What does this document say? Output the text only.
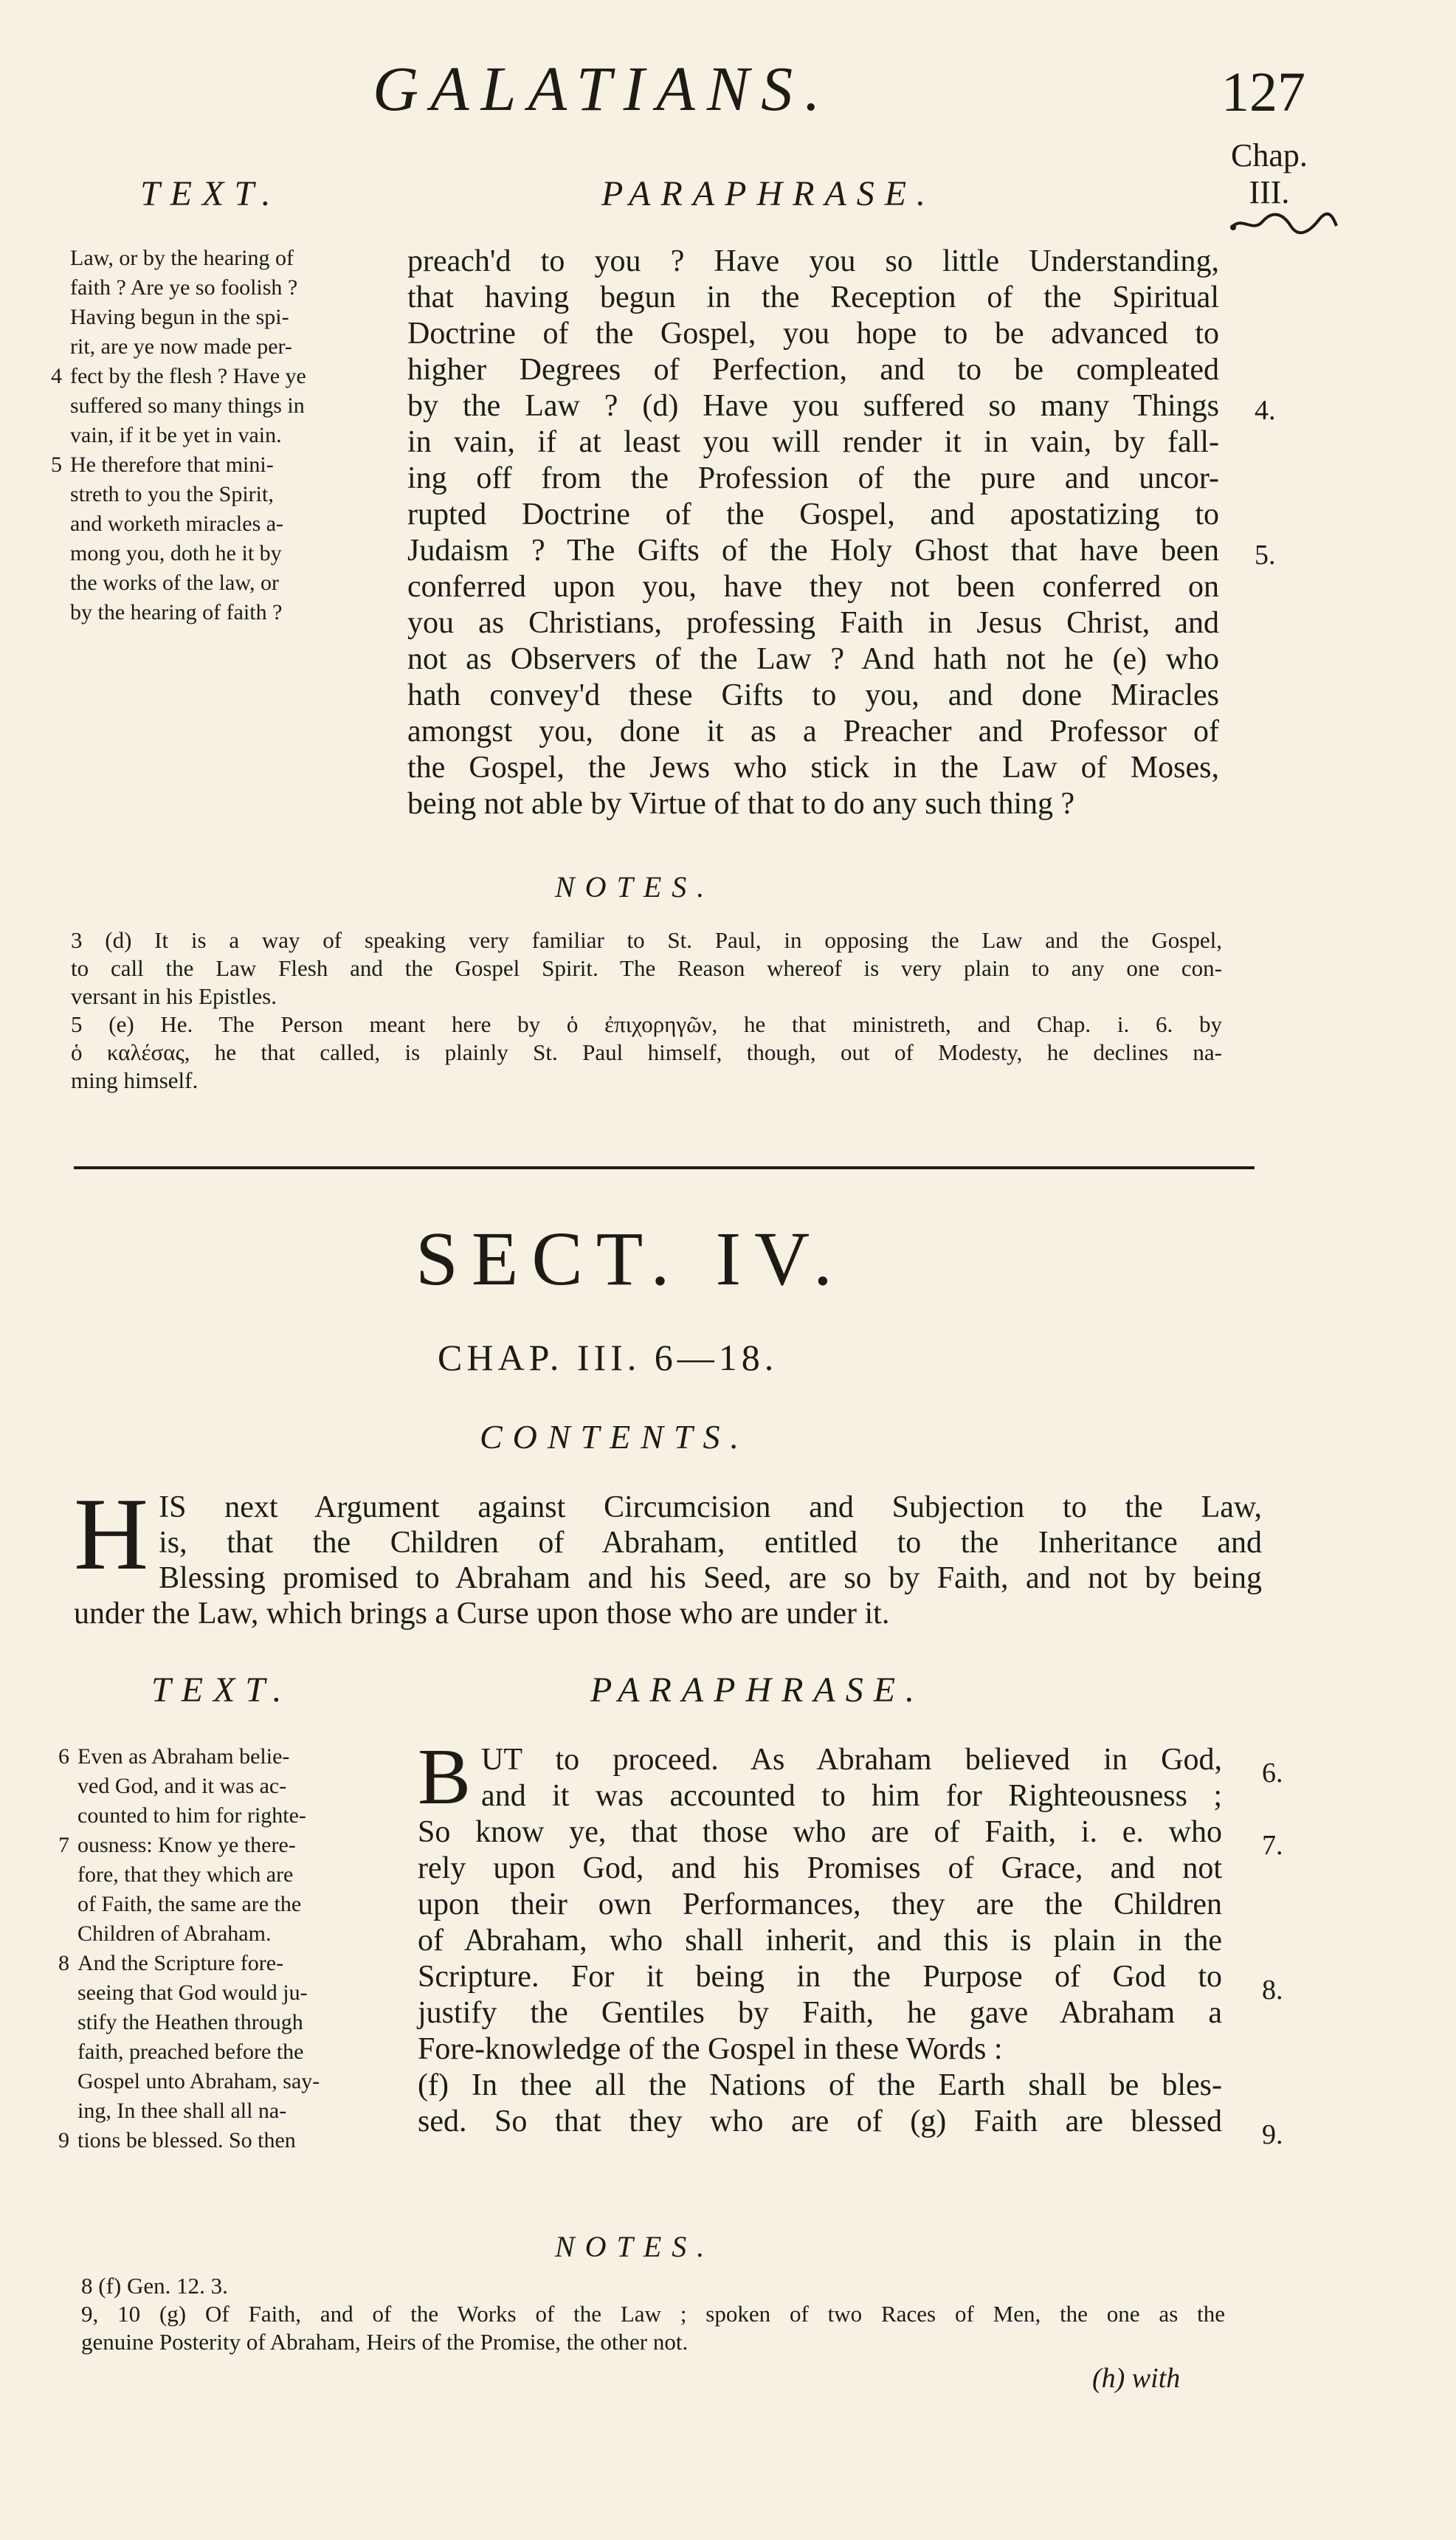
GALATIANS.	127
Chap.
III.
TEXT.	PARAPHRASE.
Law, or by the hearing of
faith ? Are ye so foolish ?
Having begun in the spi-
rit, are ye now made per-
4 fect by the flesh ? Have ye
suffered so many things in
vain, if it be yet in vain.
5 He therefore that mini-
streth to you the Spirit,
and worketh miracles a-
mong you, doth he it by
the works of the law, or
by the hearing of faith ?
preach'd to you ? Have you so little Understanding,
that having begun in the Reception of the Spiritual
Doctrine of the Gospel, you hope to be advanced to
higher Degrees of Perfection, and to be compleated
by the Law ? (d) Have you suffered so many Things
in vain, if at least you will render it in vain, by fall-
ing off from the Profession of the pure and uncor-
rupted Doctrine of the Gospel, and apostatizing to
Judaism ? The Gifts of the Holy Ghost that have been
conferred upon you, have they not been conferred on
you as Christians, professing Faith in Jesus Christ, and
not as Observers of the Law ? And hath not he (e) who
hath convey'd these Gifts to you, and done Miracles
amongst you, done it as a Preacher and Professor of
the Gospel, the Jews who stick in the Law of Moses,
being not able by Virtue of that to do any such thing ?
4.
5.
NOTES.
3 (d) It is a way of speaking very familiar to St. Paul, in opposing the Law and the Gospel,
to call the Law Flesh and the Gospel Spirit. The Reason whereof is very plain to any one con-
versant in his Epistles.
5 (e) He. The Person meant here by ὁ ἐπιχορηγῶν, he that ministreth, and Chap. i. 6. by
ὁ καλέσας, he that called, is plainly St. Paul himself, though, out of Modesty, he declines na-
ming himself.
SECT. IV.
CHAP. III. 6—18.
CONTENTS.
H IS next Argument against Circumcision and Subjection to the Law,
is, that the Children of Abraham, entitled to the Inheritance and
Blessing promised to Abraham and his Seed, are so by Faith, and not by being
under the Law, which brings a Curse upon those who are under it.
TEXT.	PARAPHRASE.
6 Even as Abraham belie-
ved God, and it was ac-
counted to him for righte-
7 ousness: Know ye there-
fore, that they which are
of Faith, the same are the
Children of Abraham.
8 And the Scripture fore-
seeing that God would ju-
stify the Heathen through
faith, preached before the
Gospel unto Abraham, say-
ing, In thee shall all na-
9 tions be blessed. So then
B UT to proceed. As Abraham believed in God,
and it was accounted to him for Righteousness ;
So know ye, that those who are of Faith, i. e. who
rely upon God, and his Promises of Grace, and not
upon their own Performances, they are the Children
of Abraham, who shall inherit, and this is plain in the
Scripture. For it being in the Purpose of God to
justify the Gentiles by Faith, he gave Abraham a
Fore-knowledge of the Gospel in these Words :
(f) In thee all the Nations of the Earth shall be bles-
sed. So that they who are of (g) Faith are blessed
6.
7.
8.
9.
NOTES.
8 (f) Gen. 12. 3.
9, 10 (g) Of Faith, and of the Works of the Law ; spoken of two Races of Men, the one as the
genuine Posterity of Abraham, Heirs of the Promise, the other not.
(h) with
